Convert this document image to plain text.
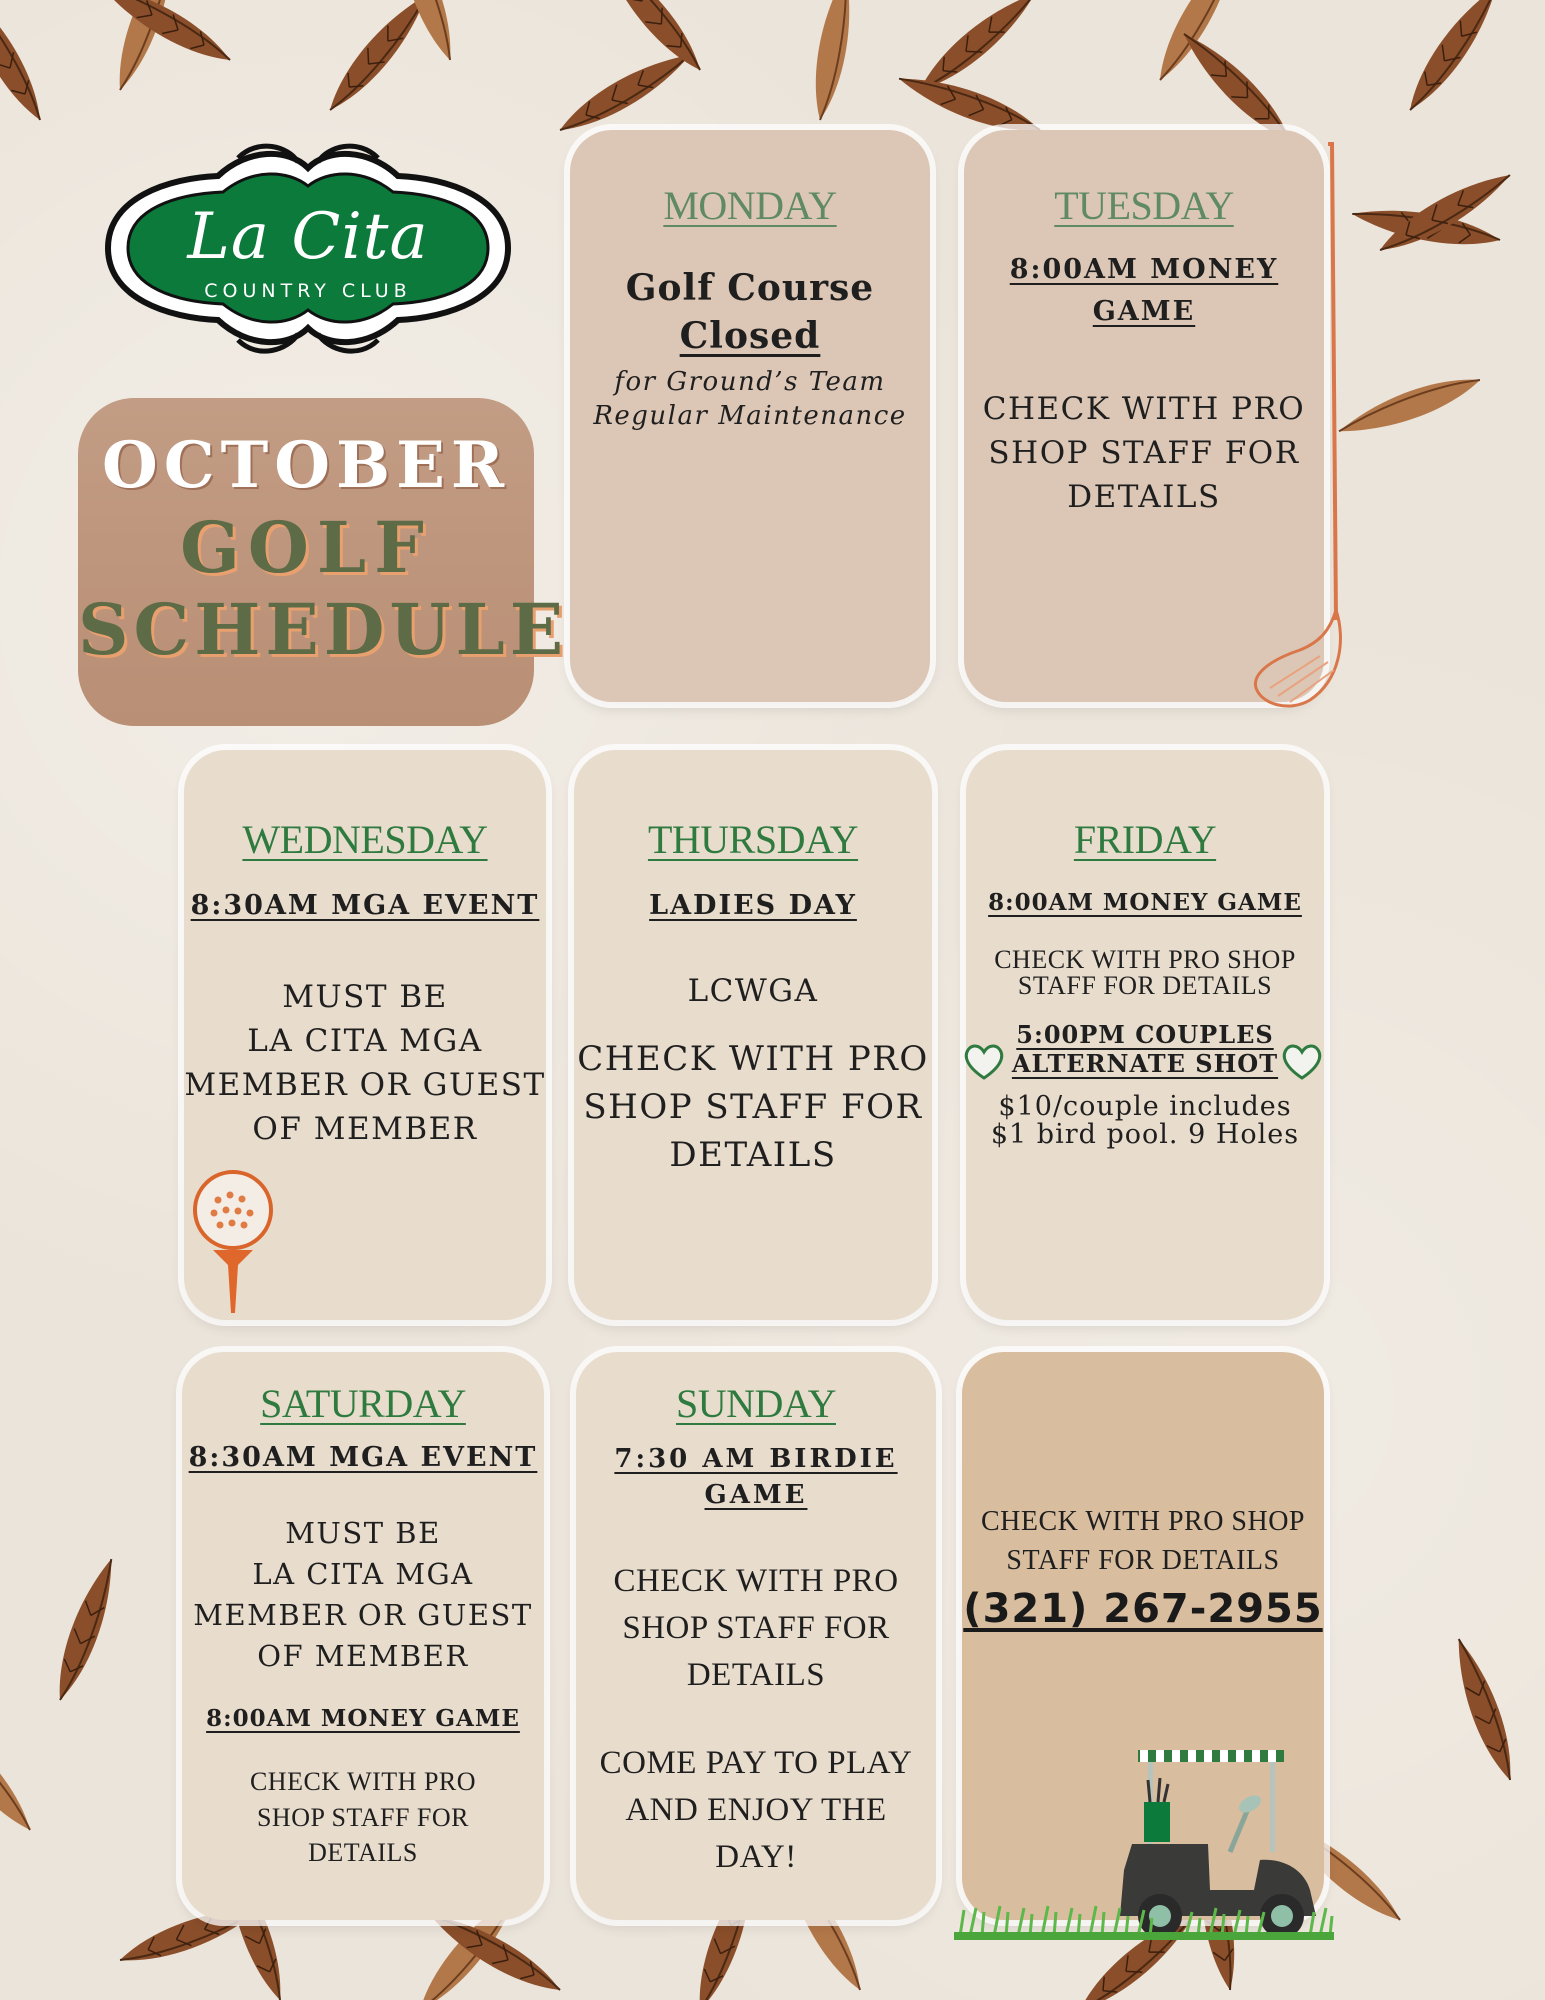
La Cita
COUNTRY CLUB
OCTOBER
GOLF
SCHEDULE
MONDAY
Golf Course
Closed
for Ground’s Team
Regular Maintenance
TUESDAY
8:00AM MONEY
GAME
CHECK WITH PRO
SHOP STAFF FOR
DETAILS
WEDNESDAY
8:30AM MGA EVENT
MUST BE
LA CITA MGA
MEMBER OR GUEST
OF MEMBER
THURSDAY
LADIES DAY
LCWGA
CHECK WITH PRO
SHOP STAFF FOR
DETAILS
FRIDAY
8:00AM MONEY GAME
CHECK WITH PRO SHOP
STAFF FOR DETAILS
5:00PM COUPLES
ALTERNATE SHOT
$10/couple includes
$1 bird pool. 9 Holes
SATURDAY
8:30AM MGA EVENT
MUST BE
LA CITA MGA
MEMBER OR GUEST
OF MEMBER
8:00AM MONEY GAME
CHECK WITH PRO
SHOP STAFF FOR
DETAILS
SUNDAY
7:30 AM BIRDIE
GAME
CHECK WITH PRO
SHOP STAFF FOR
DETAILS
COME PAY TO PLAY
AND ENJOY THE
DAY!
CHECK WITH PRO SHOP
STAFF FOR DETAILS
(321) 267-2955
